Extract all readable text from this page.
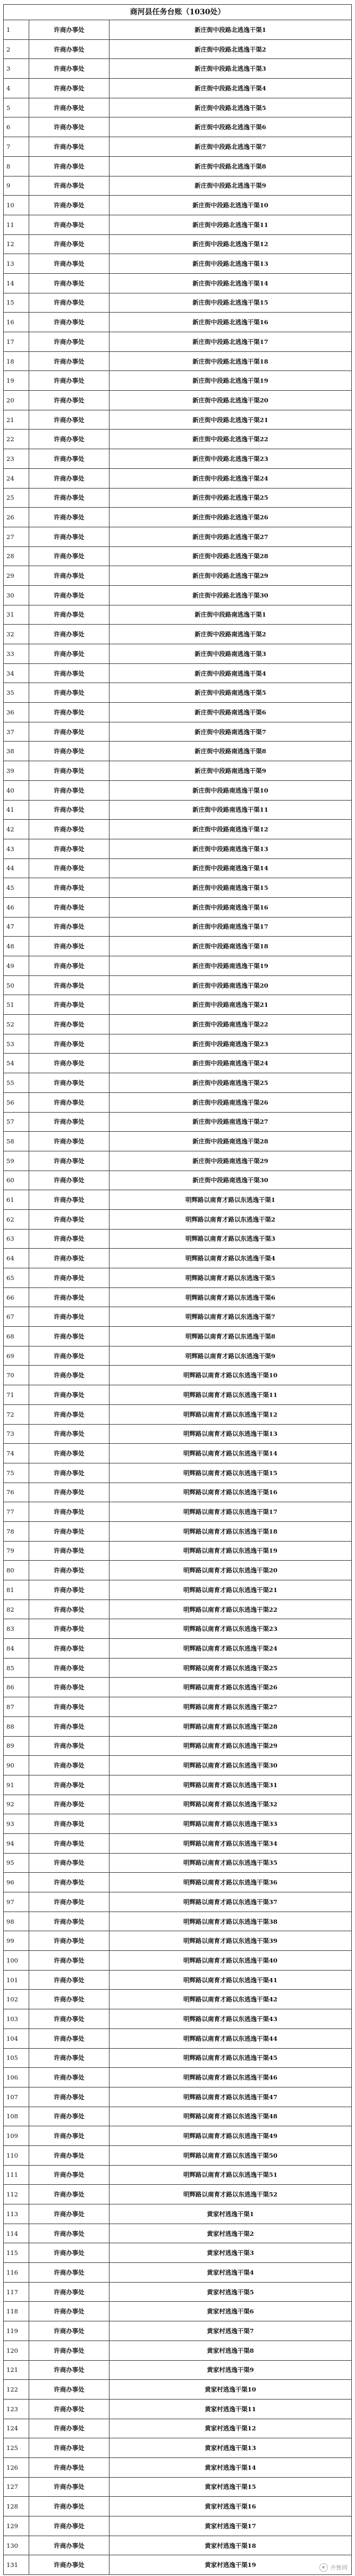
商河县任务台账（1030处）
1	许商办事处	新庄街中段路北逃逸干渠1
2	许商办事处	新庄街中段路北逃逸干渠2
3	许商办事处	新庄街中段路北逃逸干渠3
4	许商办事处	新庄街中段路北逃逸干渠4
5	许商办事处	新庄街中段路北逃逸干渠5
6	许商办事处	新庄街中段路北逃逸干渠6
7	许商办事处	新庄街中段路北逃逸干渠7
8	许商办事处	新庄街中段路北逃逸干渠8
9	许商办事处	新庄街中段路北逃逸干渠9
10	许商办事处	新庄街中段路北逃逸干渠10
11	许商办事处	新庄街中段路北逃逸干渠11
12	许商办事处	新庄街中段路北逃逸干渠12
13	许商办事处	新庄街中段路北逃逸干渠13
14	许商办事处	新庄街中段路北逃逸干渠14
15	许商办事处	新庄街中段路北逃逸干渠15
16	许商办事处	新庄街中段路北逃逸干渠16
17	许商办事处	新庄街中段路北逃逸干渠17
18	许商办事处	新庄街中段路北逃逸干渠18
19	许商办事处	新庄街中段路北逃逸干渠19
20	许商办事处	新庄街中段路北逃逸干渠20
21	许商办事处	新庄街中段路北逃逸干渠21
22	许商办事处	新庄街中段路北逃逸干渠22
23	许商办事处	新庄街中段路北逃逸干渠23
24	许商办事处	新庄街中段路北逃逸干渠24
25	许商办事处	新庄街中段路北逃逸干渠25
26	许商办事处	新庄街中段路北逃逸干渠26
27	许商办事处	新庄街中段路北逃逸干渠27
28	许商办事处	新庄街中段路北逃逸干渠28
29	许商办事处	新庄街中段路北逃逸干渠29
30	许商办事处	新庄街中段路北逃逸干渠30
31	许商办事处	新庄街中段路南逃逸干渠1
32	许商办事处	新庄街中段路南逃逸干渠2
33	许商办事处	新庄街中段路南逃逸干渠3
34	许商办事处	新庄街中段路南逃逸干渠4
35	许商办事处	新庄街中段路南逃逸干渠5
36	许商办事处	新庄街中段路南逃逸干渠6
37	许商办事处	新庄街中段路南逃逸干渠7
38	许商办事处	新庄街中段路南逃逸干渠8
39	许商办事处	新庄街中段路南逃逸干渠9
40	许商办事处	新庄街中段路南逃逸干渠10
41	许商办事处	新庄街中段路南逃逸干渠11
42	许商办事处	新庄街中段路南逃逸干渠12
43	许商办事处	新庄街中段路南逃逸干渠13
44	许商办事处	新庄街中段路南逃逸干渠14
45	许商办事处	新庄街中段路南逃逸干渠15
46	许商办事处	新庄街中段路南逃逸干渠16
47	许商办事处	新庄街中段路南逃逸干渠17
48	许商办事处	新庄街中段路南逃逸干渠18
49	许商办事处	新庄街中段路南逃逸干渠19
50	许商办事处	新庄街中段路南逃逸干渠20
51	许商办事处	新庄街中段路南逃逸干渠21
52	许商办事处	新庄街中段路南逃逸干渠22
53	许商办事处	新庄街中段路南逃逸干渠23
54	许商办事处	新庄街中段路南逃逸干渠24
55	许商办事处	新庄街中段路南逃逸干渠25
56	许商办事处	新庄街中段路南逃逸干渠26
57	许商办事处	新庄街中段路南逃逸干渠27
58	许商办事处	新庄街中段路南逃逸干渠28
59	许商办事处	新庄街中段路南逃逸干渠29
60	许商办事处	新庄街中段路南逃逸干渠30
61	许商办事处	明辉路以南育才路以东逃逸干渠1
62	许商办事处	明辉路以南育才路以东逃逸干渠2
63	许商办事处	明辉路以南育才路以东逃逸干渠3
64	许商办事处	明辉路以南育才路以东逃逸干渠4
65	许商办事处	明辉路以南育才路以东逃逸干渠5
66	许商办事处	明辉路以南育才路以东逃逸干渠6
67	许商办事处	明辉路以南育才路以东逃逸干渠7
68	许商办事处	明辉路以南育才路以东逃逸干渠8
69	许商办事处	明辉路以南育才路以东逃逸干渠9
70	许商办事处	明辉路以南育才路以东逃逸干渠10
71	许商办事处	明辉路以南育才路以东逃逸干渠11
72	许商办事处	明辉路以南育才路以东逃逸干渠12
73	许商办事处	明辉路以南育才路以东逃逸干渠13
74	许商办事处	明辉路以南育才路以东逃逸干渠14
75	许商办事处	明辉路以南育才路以东逃逸干渠15
76	许商办事处	明辉路以南育才路以东逃逸干渠16
77	许商办事处	明辉路以南育才路以东逃逸干渠17
78	许商办事处	明辉路以南育才路以东逃逸干渠18
79	许商办事处	明辉路以南育才路以东逃逸干渠19
80	许商办事处	明辉路以南育才路以东逃逸干渠20
81	许商办事处	明辉路以南育才路以东逃逸干渠21
82	许商办事处	明辉路以南育才路以东逃逸干渠22
83	许商办事处	明辉路以南育才路以东逃逸干渠23
84	许商办事处	明辉路以南育才路以东逃逸干渠24
85	许商办事处	明辉路以南育才路以东逃逸干渠25
86	许商办事处	明辉路以南育才路以东逃逸干渠26
87	许商办事处	明辉路以南育才路以东逃逸干渠27
88	许商办事处	明辉路以南育才路以东逃逸干渠28
89	许商办事处	明辉路以南育才路以东逃逸干渠29
90	许商办事处	明辉路以南育才路以东逃逸干渠30
91	许商办事处	明辉路以南育才路以东逃逸干渠31
92	许商办事处	明辉路以南育才路以东逃逸干渠32
93	许商办事处	明辉路以南育才路以东逃逸干渠33
94	许商办事处	明辉路以南育才路以东逃逸干渠34
95	许商办事处	明辉路以南育才路以东逃逸干渠35
96	许商办事处	明辉路以南育才路以东逃逸干渠36
97	许商办事处	明辉路以南育才路以东逃逸干渠37
98	许商办事处	明辉路以南育才路以东逃逸干渠38
99	许商办事处	明辉路以南育才路以东逃逸干渠39
100	许商办事处	明辉路以南育才路以东逃逸干渠40
101	许商办事处	明辉路以南育才路以东逃逸干渠41
102	许商办事处	明辉路以南育才路以东逃逸干渠42
103	许商办事处	明辉路以南育才路以东逃逸干渠43
104	许商办事处	明辉路以南育才路以东逃逸干渠44
105	许商办事处	明辉路以南育才路以东逃逸干渠45
106	许商办事处	明辉路以南育才路以东逃逸干渠46
107	许商办事处	明辉路以南育才路以东逃逸干渠47
108	许商办事处	明辉路以南育才路以东逃逸干渠48
109	许商办事处	明辉路以南育才路以东逃逸干渠49
110	许商办事处	明辉路以南育才路以东逃逸干渠50
111	许商办事处	明辉路以南育才路以东逃逸干渠51
112	许商办事处	明辉路以南育才路以东逃逸干渠52
113	许商办事处	黄家村逃逸干渠1
114	许商办事处	黄家村逃逸干渠2
115	许商办事处	黄家村逃逸干渠3
116	许商办事处	黄家村逃逸干渠4
117	许商办事处	黄家村逃逸干渠5
118	许商办事处	黄家村逃逸干渠6
119	许商办事处	黄家村逃逸干渠7
120	许商办事处	黄家村逃逸干渠8
121	许商办事处	黄家村逃逸干渠9
122	许商办事处	黄家村逃逸干渠10
123	许商办事处	黄家村逃逸干渠11
124	许商办事处	黄家村逃逸干渠12
125	许商办事处	黄家村逃逸干渠13
126	许商办事处	黄家村逃逸干渠14
127	许商办事处	黄家村逃逸干渠15
128	许商办事处	黄家村逃逸干渠16
129	许商办事处	黄家村逃逸干渠17
130	许商办事处	黄家村逃逸干渠18
131	许商办事处	黄家村逃逸干渠19	齐鲁网
